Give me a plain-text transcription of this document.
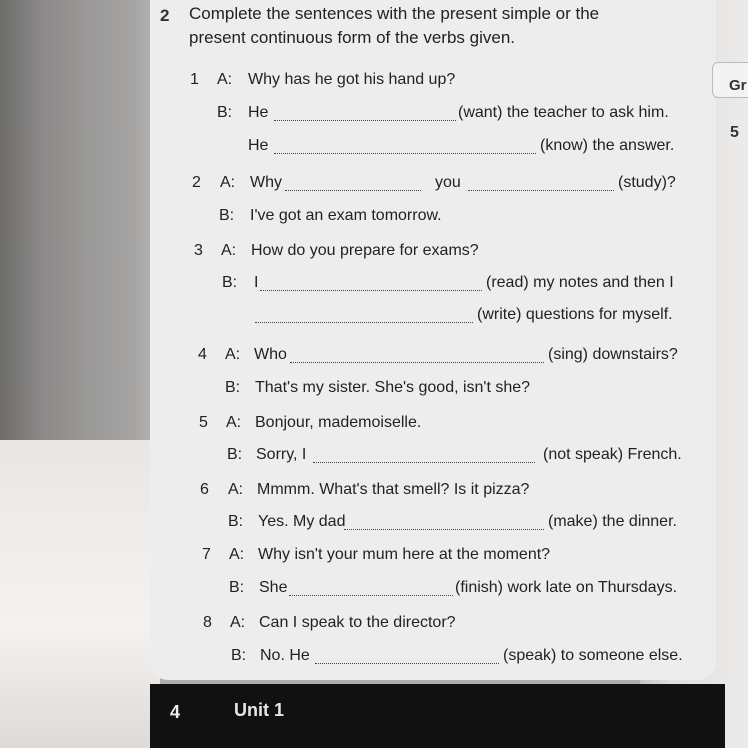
Gr
5
2 Complete the sentences with the present simple or the
present continuous form of the verbs given.
1 A: Why has he got his hand up?
B: He	(want) the teacher to ask him.
He	(know) the answer.
2 A: Why	you	(study)?
B: I've got an exam tomorrow.
3 A: How do you prepare for exams?
B: I	(read) my notes and then I
(write) questions for myself.
4 A: Who	(sing) downstairs?
B: That's my sister. She's good, isn't she?
5 A: Bonjour, mademoiselle.
B: Sorry, I	(not speak) French.
6 A: Mmmm. What's that smell? Is it pizza?
B: Yes. My dad	(make) the dinner.
7 A: Why isn't your mum here at the moment?
B: She	(finish) work late on Thursdays.
8 A: Can I speak to the director?
B: No. He	(speak) to someone else.
4	Unit 1
